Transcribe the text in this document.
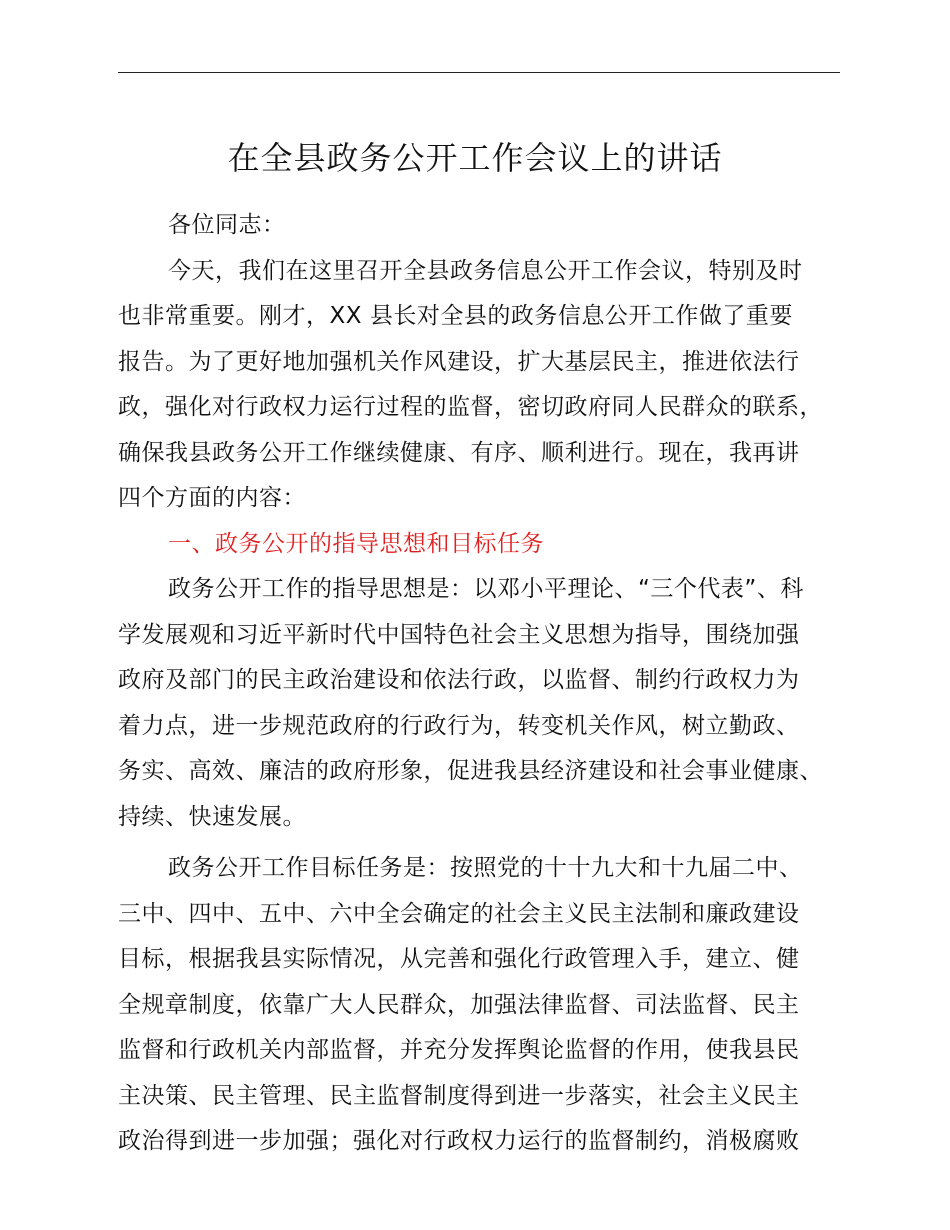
在全县政务公开工作会议上的讲话
各位同志：
今天，我们在这里召开全县政务信息公开工作会议，特别及时
也非常重要。刚才，XX 县长对全县的政务信息公开工作做了重要
报告。为了更好地加强机关作风建设，扩大基层民主，推进依法行
政，强化对行政权力运行过程的监督，密切政府同人民群众的联系，
确保我县政务公开工作继续健康、有序、顺利进行。现在，我再讲
四个方面的内容：
一、政务公开的指导思想和目标任务
政务公开工作的指导思想是：以邓小平理论、“三个代表”、科
学发展观和习近平新时代中国特色社会主义思想为指导，围绕加强
政府及部门的民主政治建设和依法行政，以监督、制约行政权力为
着力点，进一步规范政府的行政行为，转变机关作风，树立勤政、
务实、高效、廉洁的政府形象，促进我县经济建设和社会事业健康、
持续、快速发展。
政务公开工作目标任务是：按照党的十十九大和十九届二中、
三中、四中、五中、六中全会确定的社会主义民主法制和廉政建设
目标，根据我县实际情况，从完善和强化行政管理入手，建立、健
全规章制度，依靠广大人民群众，加强法律监督、司法监督、民主
监督和行政机关内部监督，并充分发挥舆论监督的作用，使我县民
主决策、民主管理、民主监督制度得到进一步落实，社会主义民主
政治得到进一步加强；强化对行政权力运行的监督制约，消极腐败
